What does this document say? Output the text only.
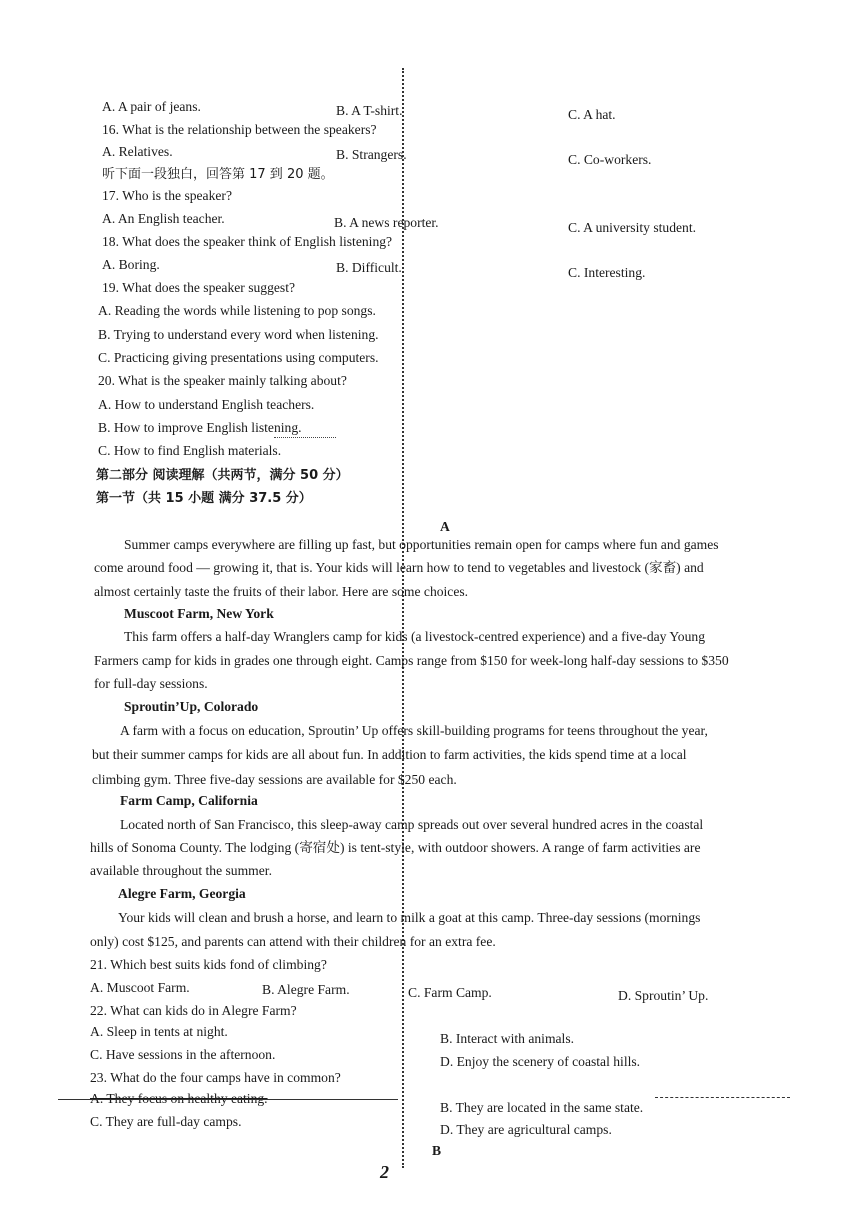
A. A pair of jeans.	B. A T-shirt.	C. A hat.
16. What is the relationship between the speakers?
A. Relatives.	B. Strangers.	C. Co-workers.
听下面一段独白，回答第 17 到 20 题。
17. Who is the speaker?
A. An English teacher.	B. A news reporter.	C. A university student.
18. What does the speaker think of English listening?
A. Boring.	B. Difficult.	C. Interesting.
19. What does the speaker suggest?
A. Reading the words while listening to pop songs.
B. Trying to understand every word when listening.
C. Practicing giving presentations using computers.
20. What is the speaker mainly talking about?
A. How to understand English teachers.
B. How to improve English listening.
C. How to find English materials.
第二部分 阅读理解（共两节，满分 50 分）
第一节（共 15 小题 满分 37.5 分）
A
Summer camps everywhere are filling up fast, but opportunities remain open for camps where fun and games
come around food — growing it, that is. Your kids will learn how to tend to vegetables and livestock (家畜) and
almost certainly taste the fruits of their labor. Here are some choices.
Muscoot Farm, New York
This farm offers a half-day Wranglers camp for kids (a livestock-centred experience) and a five-day Young
Farmers camp for kids in grades one through eight. Camps range from $150 for week-long half-day sessions to $350
for full-day sessions.
Sproutin’Up, Colorado
A farm with a focus on education, Sproutin’ Up offers skill-building programs for teens throughout the year,
but their summer camps for kids are all about fun. In addition to farm activities, the kids spend time at a local
climbing gym. Three five-day sessions are available for $250 each.
Farm Camp, California
Located north of San Francisco, this sleep-away camp spreads out over several hundred acres in the coastal
hills of Sonoma County. The lodging (寄宿处) is tent-style, with outdoor showers. A range of farm activities are
available throughout the summer.
Alegre Farm, Georgia
Your kids will clean and brush a horse, and learn to milk a goat at this camp. Three-day sessions (mornings
only) cost $125, and parents can attend with their children for an extra fee.
21. Which best suits kids fond of climbing?
A. Muscoot Farm.	B. Alegre Farm.	C. Farm Camp.	D. Sproutin’ Up.
22. What can kids do in Alegre Farm?
A. Sleep in tents at night.	B. Interact with animals.
C. Have sessions in the afternoon.	D. Enjoy the scenery of coastal hills.
23. What do the four camps have in common?
A. They focus on healthy eating.
B. They are located in the same state.
C. They are full-day camps.
D. They are agricultural camps.
B
2
